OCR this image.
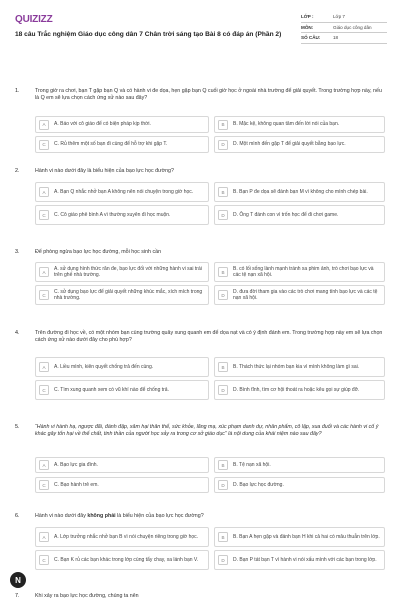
QUIZIZZ
18 câu Trắc nghiệm Giáo dục công dân 7 Chân trời sáng tạo Bài 8 có đáp án (Phần 2)
LỚP :	Lớp 7
MÔN:	Giáo dục công dân
SỐ CÂU:	18
1.	Trong giờ ra chơi, bạn T gặp bạn Q và có hành vi đe dọa, hẹn gặp bạn Q cuối giờ học ở ngoài nhà trường để giải quyết. Trong trường hợp này, nếu là Q em sẽ lựa chọn cách ứng xử nào sau đây?
A	A. Báo với cô giáo để có biện pháp kịp thời.	B	B. Mặc kệ, không quan tâm đến lời nói của bạn.
C	C. Rủ thêm một số bạn đi cùng để hỗ trợ khi gặp T.	D	D. Một mình đến gặp T để giải quyết bằng bạo lực.
2.	Hành vi nào dưới đây là biểu hiện của bạo lực học đường?
A	A. Bạn Q nhắc nhở bạn A không nên nói chuyện trong giờ học.	B	B. Bạn P đe dọa sẽ đánh bạn M vì không cho mình chép bài.
C	C. Cô giáo phê bình A vì thường xuyên đi học muộn.	D	D. Ông T đánh con vì trốn học để đi chơi game.
3.	Để phòng ngừa bạo lực học đường, mỗi học sinh cần
A
A. sử dụng hình thức răn đe, bạo lực đối với những hành vi sai trái trên ghế nhà trường.	B
B. có lối sống lành mạnh tránh xa phim ảnh, trò chơi bạo lực và các tệ nạn xã hội.
C
C. sử dụng bạo lực để giải quyết những khúc mắc, xích mích trong nhà trường.	D
D. đưa đời tham gia vào các trò chơi mang tính bạo lực và các tệ nạn xã hội.
4.	Trên đường đi học về, có một nhóm bạn cùng trường quây xung quanh em để dọa nạt và có ý định đánh em. Trong trường hợp này em sẽ lựa chọn cách ứng xử nào dưới đây cho phù hợp?
A	A. Liều mình, kiên quyết chống trả đến cùng.	B	B. Thách thức lại nhóm bạn kia vì mình không làm gì sai.
C	C. Tìm xung quanh xem có vũ khí nào để chống trả.	D	D. Bình tĩnh, tìm cơ hội thoát ra hoặc kêu gọi sự giúp đỡ.
5.	“Hành vi hành hạ, ngược đãi, đánh đập, xâm hại thân thể, sức khỏe, lăng mạ, xúc phạm danh dự, nhân phẩm, cô lập, xua đuổi và các hành vi cố ý khác gây tổn hại về thể chất, tinh thần của người học xảy ra trong cơ sở giáo dục” là nội dung của khái niệm nào sau đây?
A	A. Bạo lực gia đình.	B	B. Tệ nạn xã hội.
C	C. Bạo hành trẻ em.	D	D. Bạo lực học đường.
6.	Hành vi nào dưới đây không phải là biểu hiện của bạo lực học đường?
A	A. Lớp trưởng nhắc nhở bạn B vì nói chuyện riêng trong giờ học.	B	B. Bạn A hẹn gặp và đánh bạn H khi cả hai có mâu thuẫn trên lớp.
C	C. Bạn K rủ các bạn khác trong lớp cùng tẩy chay, xa lánh bạn V.	D	D. Bạn P tát bạn T vì hành vi nói xấu mình với các bạn trong lớp.
7.	Khi xảy ra bạo lực học đường, chúng ta nên
N
